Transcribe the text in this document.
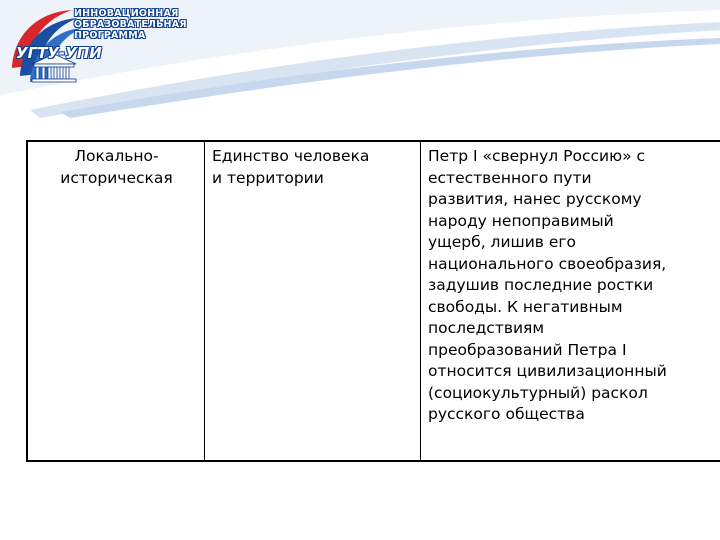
ИННОВАЦИОННАЯ
ОБРАЗОВАТЕЛЬНАЯ
ПРОГРАММА
УГТУ-УПИ
Локально-
историческая

Единство человека
и территории

Петр I «свернул Россию» с
естественного пути
развития, нанес русскому
народу непоправимый
ущерб, лишив его
национального своеобразия,
задушив последние ростки
свободы. К негативным
последствиям
преобразований Петра I
относится цивилизационный
(социокультурный) раскол
русского общества
